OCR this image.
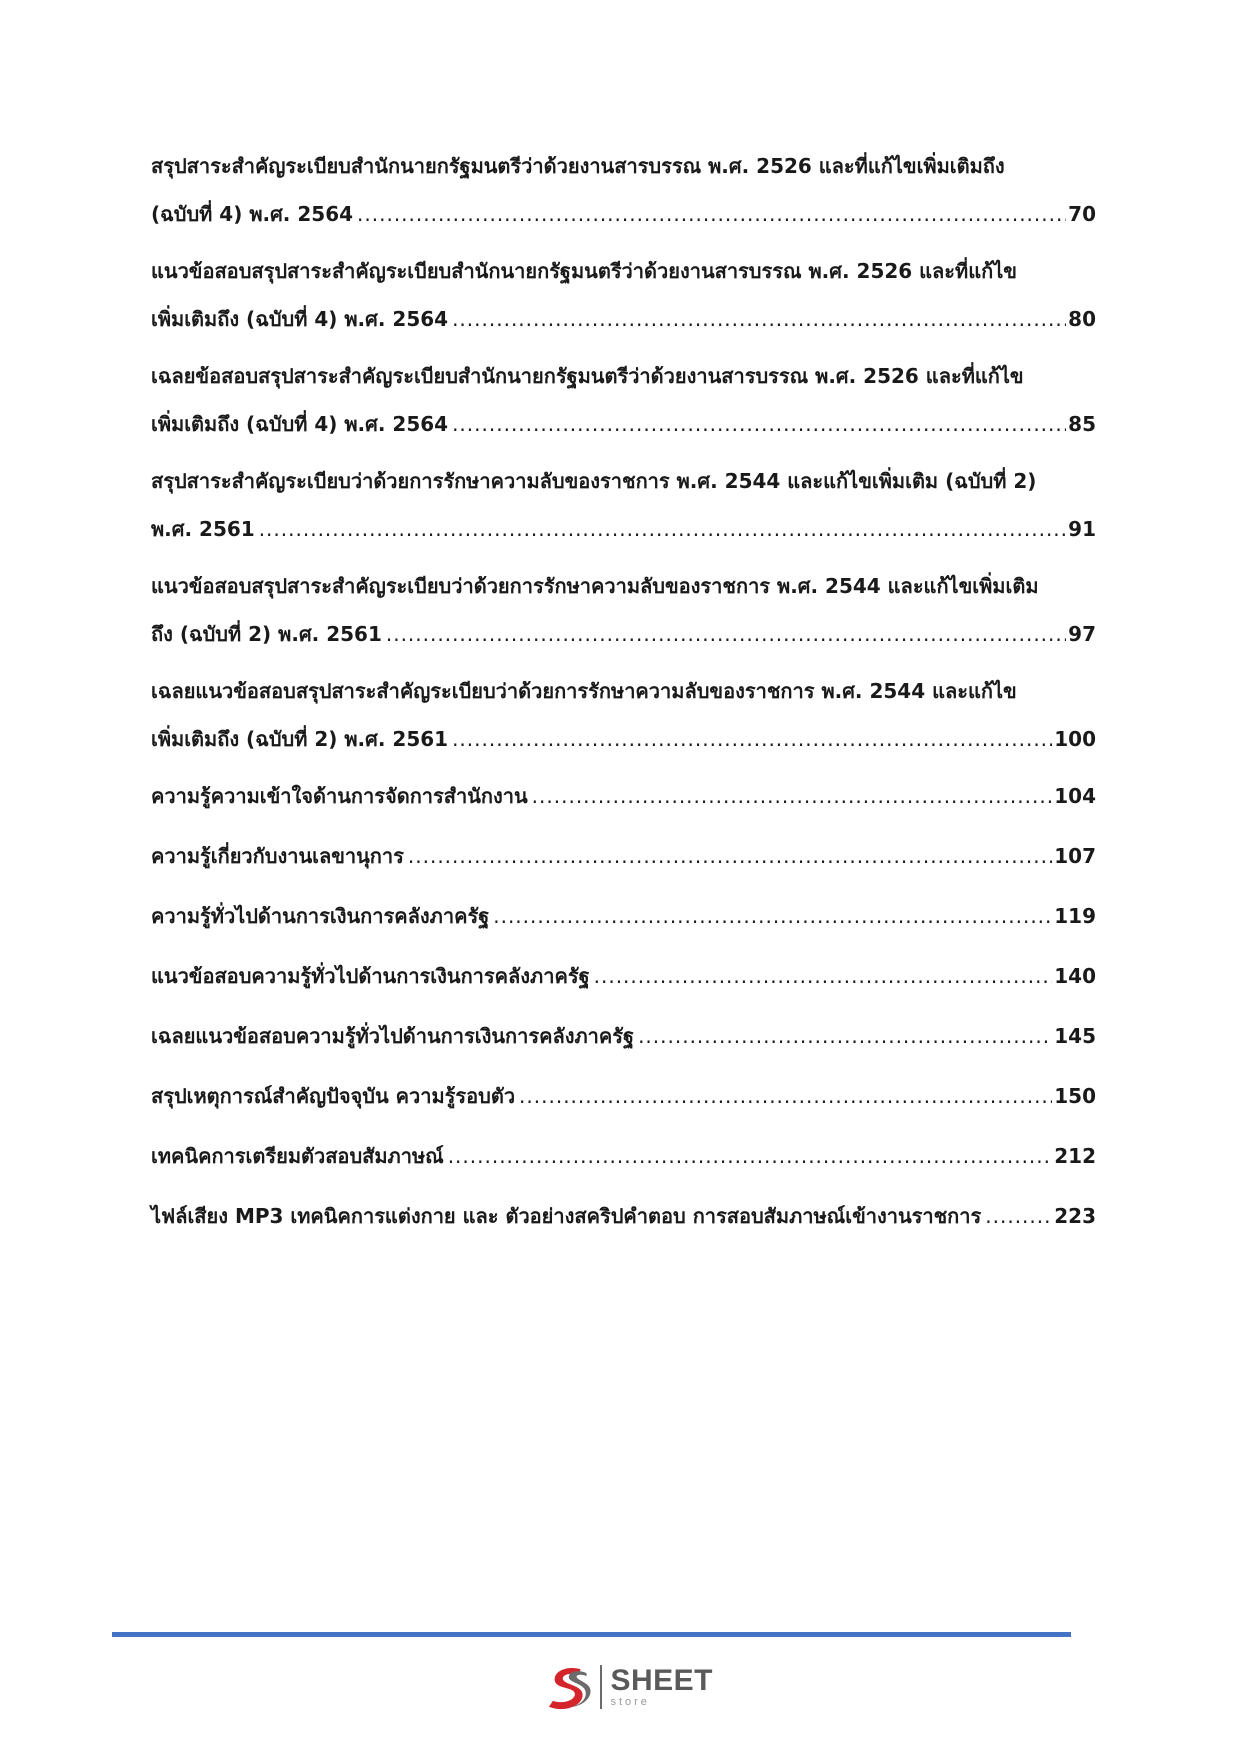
สรุปสาระสำคัญระเบียบสำนักนายกรัฐมนตรีว่าด้วยงานสารบรรณ พ.ศ. 2526 และที่แก้ไขเพิ่มเติมถึง
(ฉบับที่ 4) พ.ศ. 2564 .....	70
แนวข้อสอบสรุปสาระสำคัญระเบียบสำนักนายกรัฐมนตรีว่าด้วยงานสารบรรณ พ.ศ. 2526 และที่แก้ไข
เพิ่มเติมถึง (ฉบับที่ 4) พ.ศ. 2564 .....	80
เฉลยข้อสอบสรุปสาระสำคัญระเบียบสำนักนายกรัฐมนตรีว่าด้วยงานสารบรรณ พ.ศ. 2526 และที่แก้ไข
เพิ่มเติมถึง (ฉบับที่ 4) พ.ศ. 2564 .....	85
สรุปสาระสำคัญระเบียบว่าด้วยการรักษาความลับของราชการ พ.ศ. 2544 และแก้ไขเพิ่มเติม (ฉบับที่ 2)
พ.ศ. 2561 .....	91
แนวข้อสอบสรุปสาระสำคัญระเบียบว่าด้วยการรักษาความลับของราชการ พ.ศ. 2544 และแก้ไขเพิ่มเติม
ถึง (ฉบับที่ 2) พ.ศ. 2561 .....	97
เฉลยแนวข้อสอบสรุปสาระสำคัญระเบียบว่าด้วยการรักษาความลับของราชการ พ.ศ. 2544 และแก้ไข
เพิ่มเติมถึง (ฉบับที่ 2) พ.ศ. 2561 .....	100
ความรู้ความเข้าใจด้านการจัดการสำนักงาน .....	104
ความรู้เกี่ยวกับงานเลขานุการ .....	107
ความรู้ทั่วไปด้านการเงินการคลังภาครัฐ .....	119
แนวข้อสอบความรู้ทั่วไปด้านการเงินการคลังภาครัฐ .....	140
เฉลยแนวข้อสอบความรู้ทั่วไปด้านการเงินการคลังภาครัฐ .....	145
สรุปเหตุการณ์สำคัญปัจจุบัน ความรู้รอบตัว .....	150
เทคนิคการเตรียมตัวสอบสัมภาษณ์ .....	212
ไฟล์เสียง MP3 เทคนิคการแต่งกาย และ ตัวอย่างสคริปคำตอบ การสอบสัมภาษณ์เข้างานราชการ .....	223
SHEET
store
